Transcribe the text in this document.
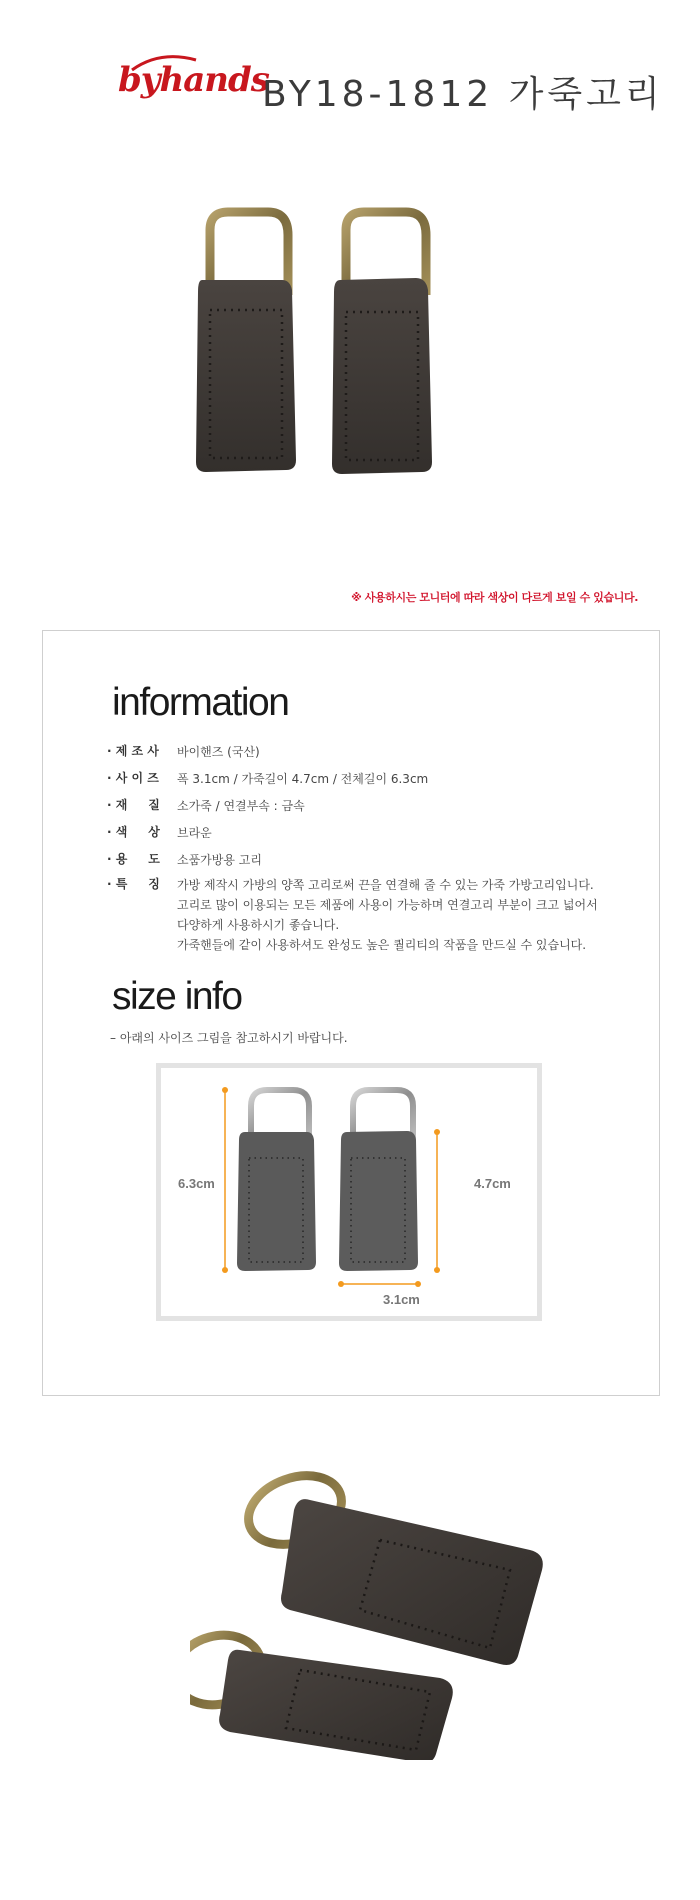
byhands
BY18-1812 가죽고리
※ 사용하시는 모니터에 따라 색상이 다르게 보일 수 있습니다.
information
· 제 조 사	바이핸즈 (국산)
· 사 이 즈	폭 3.1cm / 가죽길이 4.7cm / 전체길이 6.3cm
· 재     질	소가죽 / 연결부속 : 금속
· 색     상	브라운
· 용     도	소품가방용 고리
· 특     징	가방 제작시 가방의 양쪽 고리로써 끈을 연결해 줄 수 있는 가죽 가방고리입니다.
고리로 많이 이용되는 모든 제품에 사용이 가능하며 연결고리 부분이 크고 넓어서
다양하게 사용하시기 좋습니다.
가죽핸들에 같이 사용하셔도 완성도 높은 퀄리티의 작품을 만드실 수 있습니다.
size info
– 아래의 사이즈 그림을 참고하시기 바랍니다.
6.3cm	4.7cm
3.1cm
